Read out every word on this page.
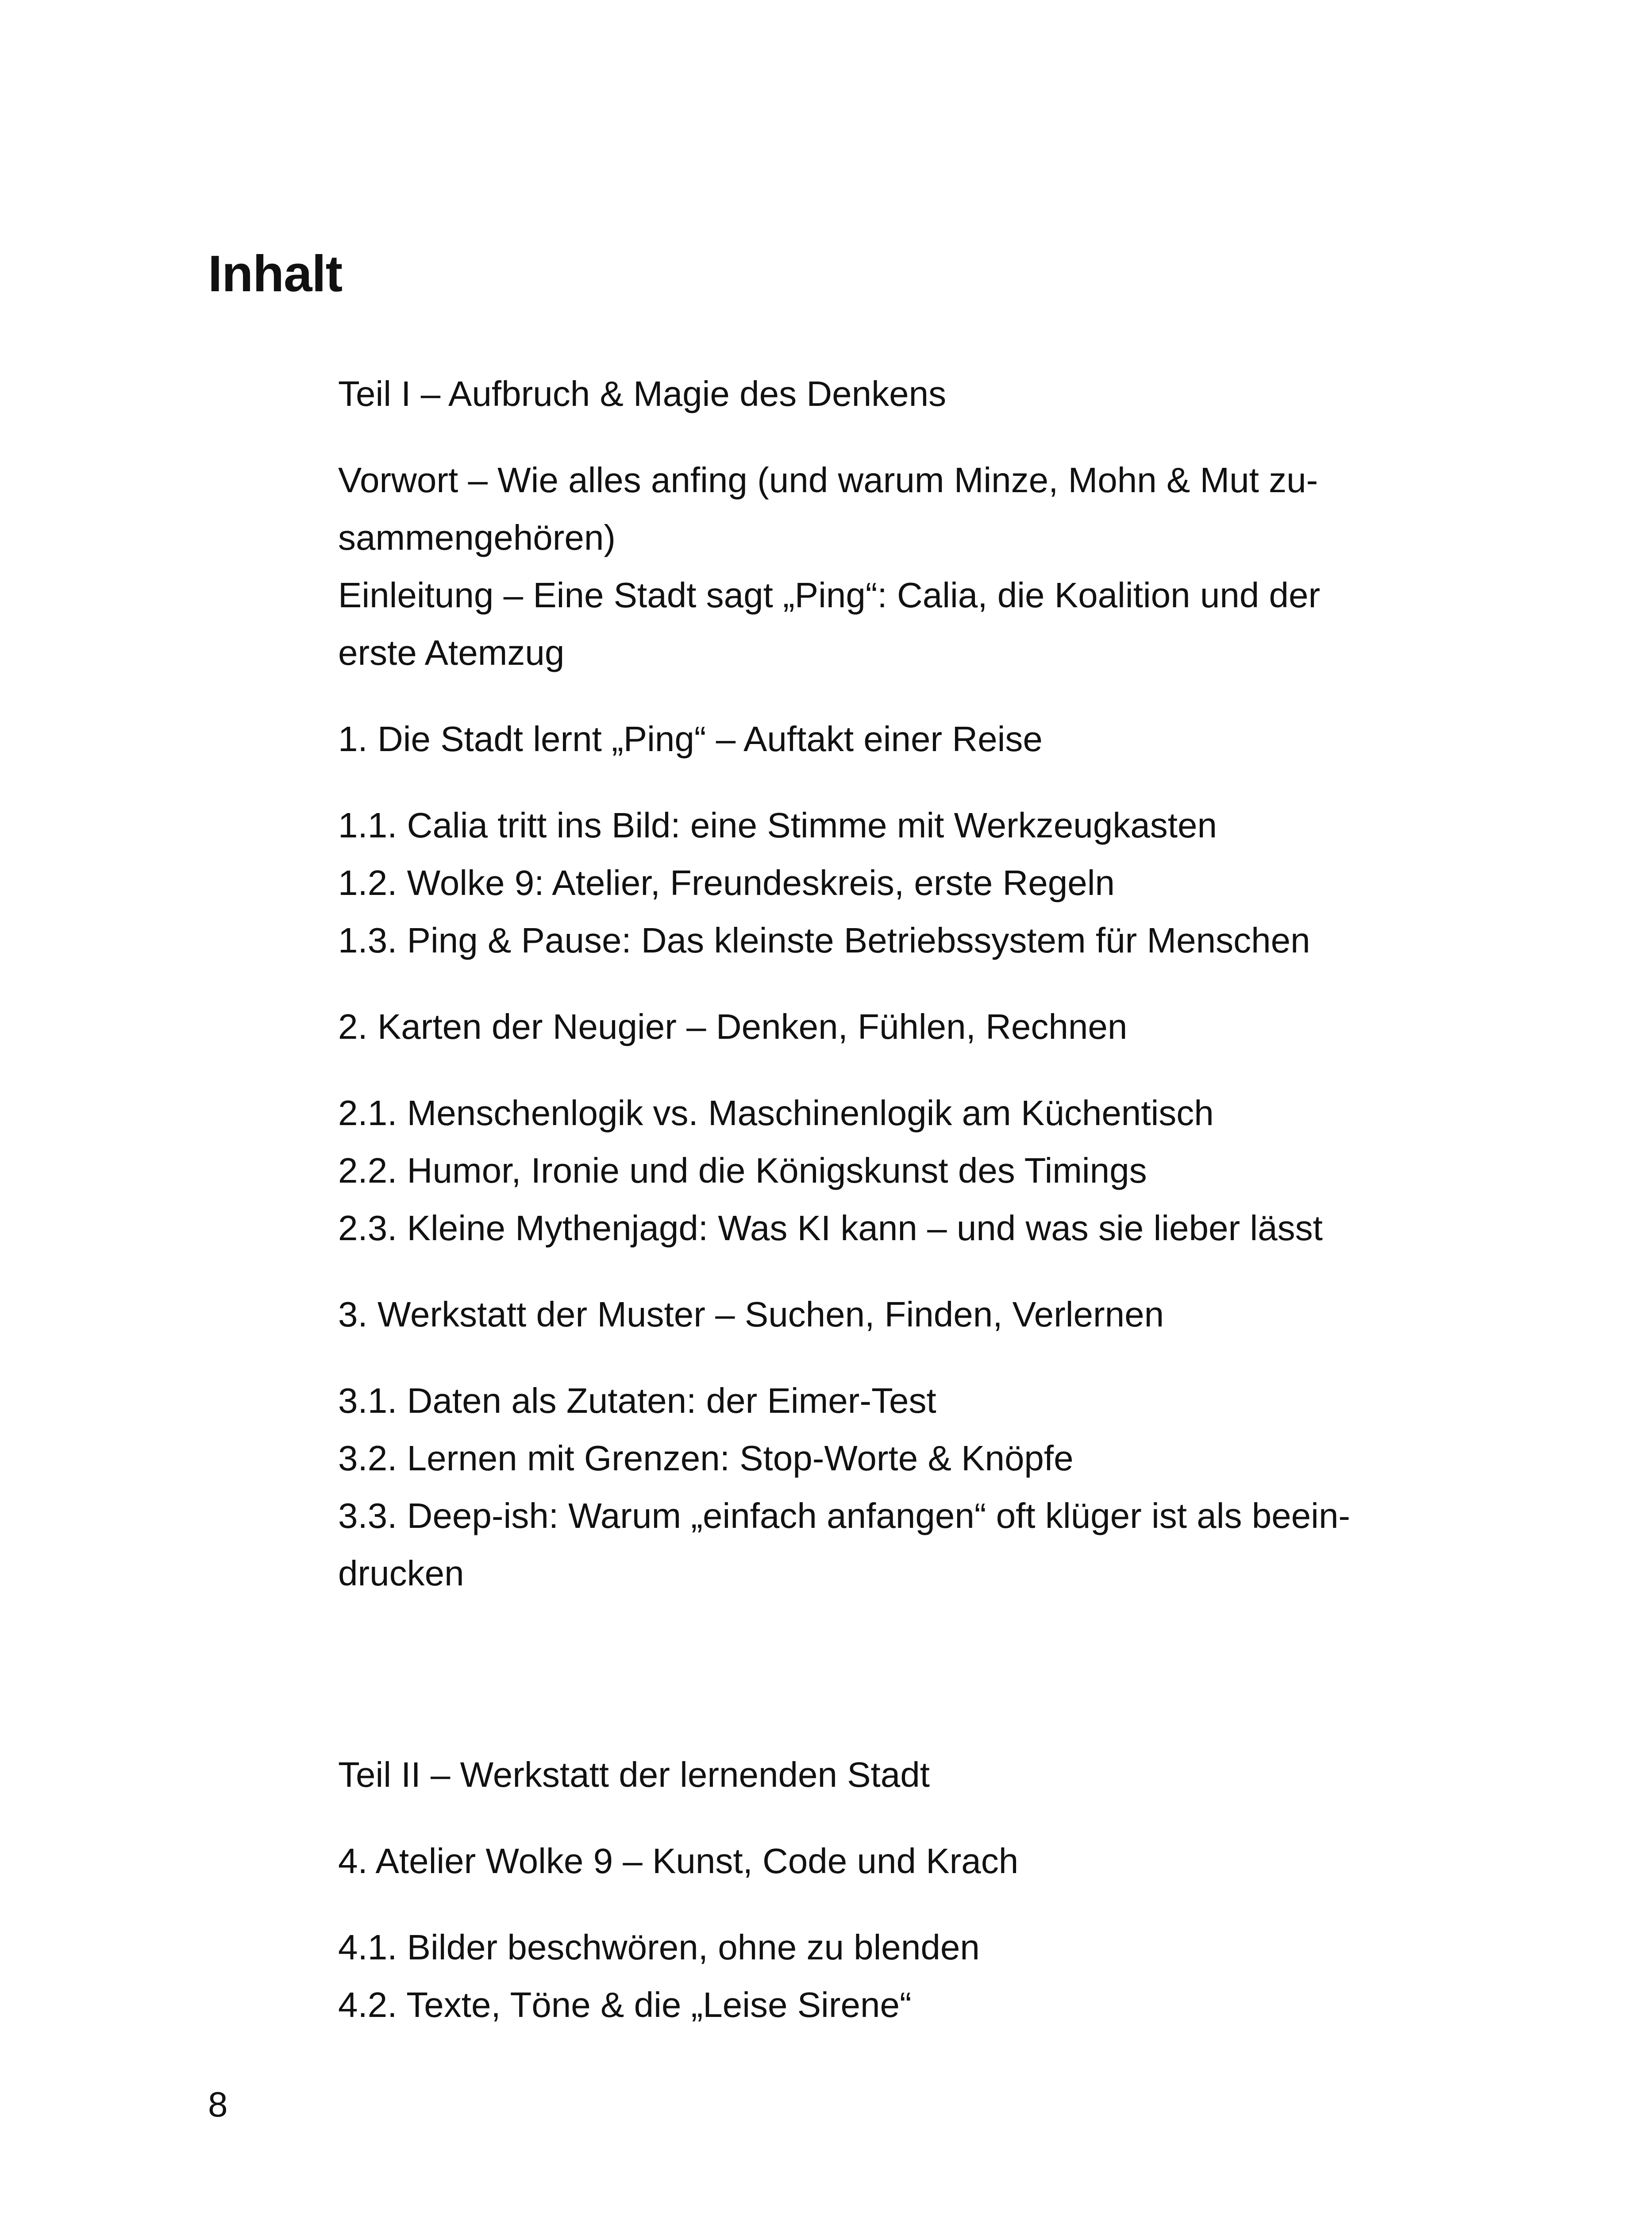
Inhalt
Teil I – Aufbruch & Magie des Denkens
Vorwort – Wie alles anfing (und warum Minze, Mohn & Mut zu-
sammengehören)
Einleitung – Eine Stadt sagt „Ping“: Calia, die Koalition und der
erste Atemzug
1. Die Stadt lernt „Ping“ – Auftakt einer Reise
1.1. Calia tritt ins Bild: eine Stimme mit Werkzeugkasten
1.2. Wolke 9: Atelier, Freundeskreis, erste Regeln
1.3. Ping & Pause: Das kleinste Betriebssystem für Menschen
2. Karten der Neugier – Denken, Fühlen, Rechnen
2.1. Menschenlogik vs. Maschinenlogik am Küchentisch
2.2. Humor, Ironie und die Königskunst des Timings
2.3. Kleine Mythenjagd: Was KI kann – und was sie lieber lässt
3. Werkstatt der Muster – Suchen, Finden, Verlernen
3.1. Daten als Zutaten: der Eimer-Test
3.2. Lernen mit Grenzen: Stop-Worte & Knöpfe
3.3. Deep-ish: Warum „einfach anfangen“ oft klüger ist als beein-
drucken
Teil II – Werkstatt der lernenden Stadt
4. Atelier Wolke 9 – Kunst, Code und Krach
4.1. Bilder beschwören, ohne zu blenden
4.2. Texte, Töne & die „Leise Sirene“
8
